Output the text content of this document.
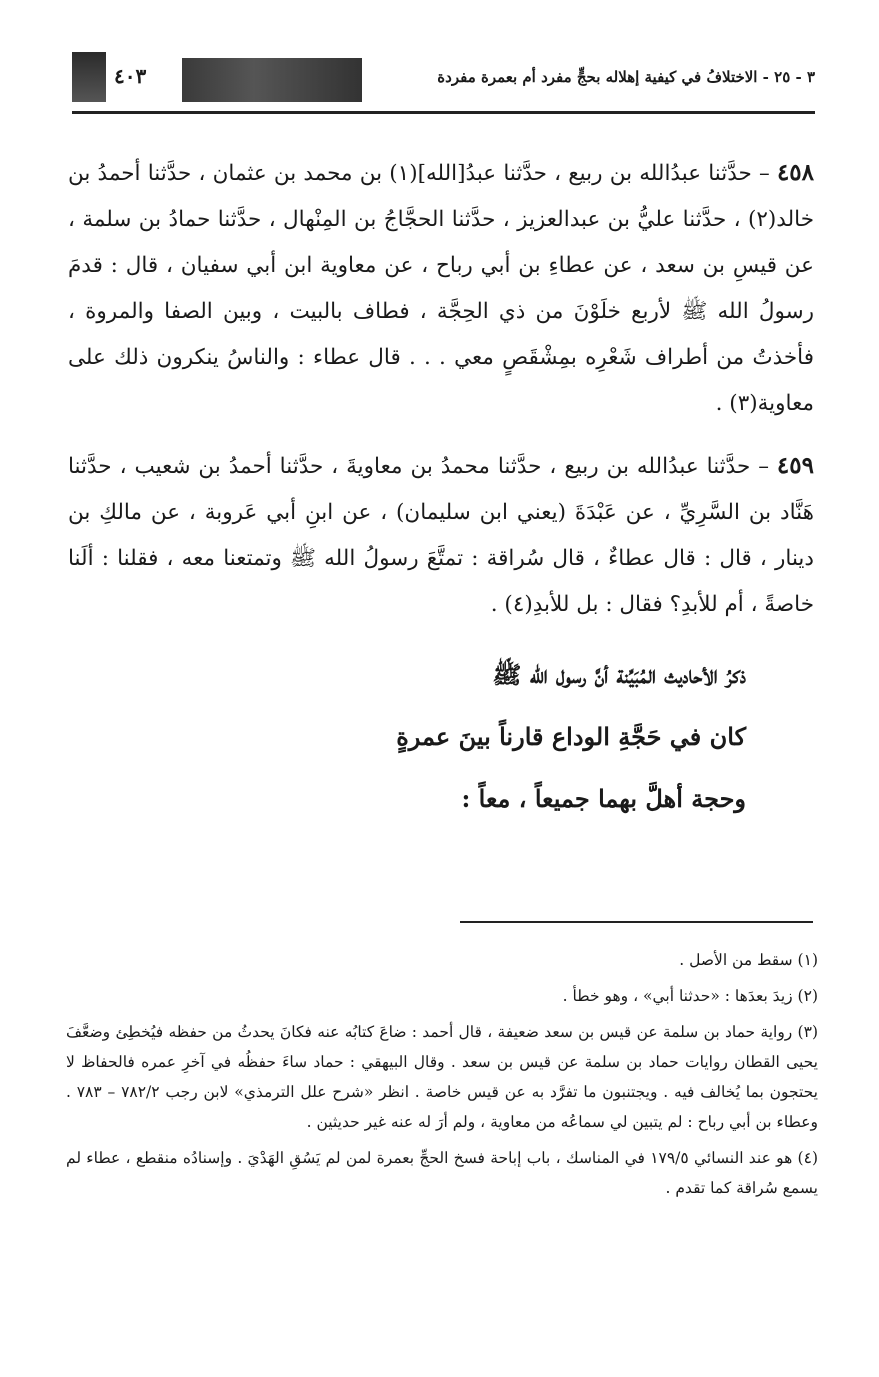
٤٠٣	٣ - ٢٥ - الاختلافُ في كيفية إهلاله بحجٍّ مفرد أم بعمرة مفردة

٤٥٨ – حدَّثنا عبدُالله بن ربيع ، حدَّثنا عبدُ[الله](١) بن محمد بن عثمان ، حدَّثنا أحمدُ بن خالد(٢) ، حدَّثنا عليُّ بن عبدالعزيز ، حدَّثنا الحجَّاجُ بن المِنْهال ، حدَّثنا حمادُ بن سلمة ، عن قيسِ بن سعد ، عن عطاءِ بن أبي رباح ، عن معاوية ابن أبي سفيان ، قال : قدمَ رسولُ الله ﷺ لأربع خلَوْنَ من ذي الحِجَّة ، فطاف بالبيت ، وبين الصفا والمروة ، فأخذتُ من أطراف شَعْرِه بمِشْقَصٍ معي . . . قال عطاء : والناسُ ينكرون ذلك على معاوية(٣) .

٤٥٩ – حدَّثنا عبدُالله بن ربيع ، حدَّثنا محمدُ بن معاويةَ ، حدَّثنا أحمدُ بن شعيب ، حدَّثنا هَنَّاد بن السَّرِيِّ ، عن عَبْدَةَ (يعني ابن سليمان) ، عن ابنِ أبي عَروبة ، عن مالكِ بن دينار ، قال : قال عطاءٌ ، قال سُراقة : تمتَّعَ رسولُ الله ﷺ وتمتعنا معه ، فقلنا : ألَنا خاصةً ، أم للأبدِ؟ فقال : بل للأبدِ(٤) .

ذكرُ الأحاديث المُبَيِّنة أنَّ رسول الله ﷺ
كان في حَجَّةِ الوداع قارناً بينَ عمرةٍ
وحجة أهلَّ بهما جميعاً ، معاً :

(١) سقط من الأصل .

(٢) زيدَ بعدَها : «حدثنا أبي» ، وهو خطأ .

(٣) رواية حماد بن سلمة عن قيس بن سعد ضعيفة ، قال أحمد : ضاعَ كتابُه عنه فكانَ يحدثُ من حفظه فيُخطِئ وضعَّفَ يحيى القطان روايات حماد بن سلمة عن قيس بن سعد . وقال البيهقي : حماد ساءَ حفظُه في آخرِ عمره فالحفاظ لا يحتجون بما يُخالف فيه . ويجتنبون ما تفرَّد به عن قيس خاصة . انظر «شرح علل الترمذي» لابن رجب ٧٨٢/٢ – ٧٨٣ . وعطاء بن أبي رباح : لم يتبين لي سماعُه من معاوية ، ولم أرَ له عنه غير حديثين .

(٤) هو عند النسائي ١٧٩/٥ في المناسك ، باب إباحة فسخ الحجِّ بعمرة لمن لم يَسُقِ الهَدْيَ . وإسنادُه منقطع ، عطاء لم يسمع سُراقة كما تقدم .
